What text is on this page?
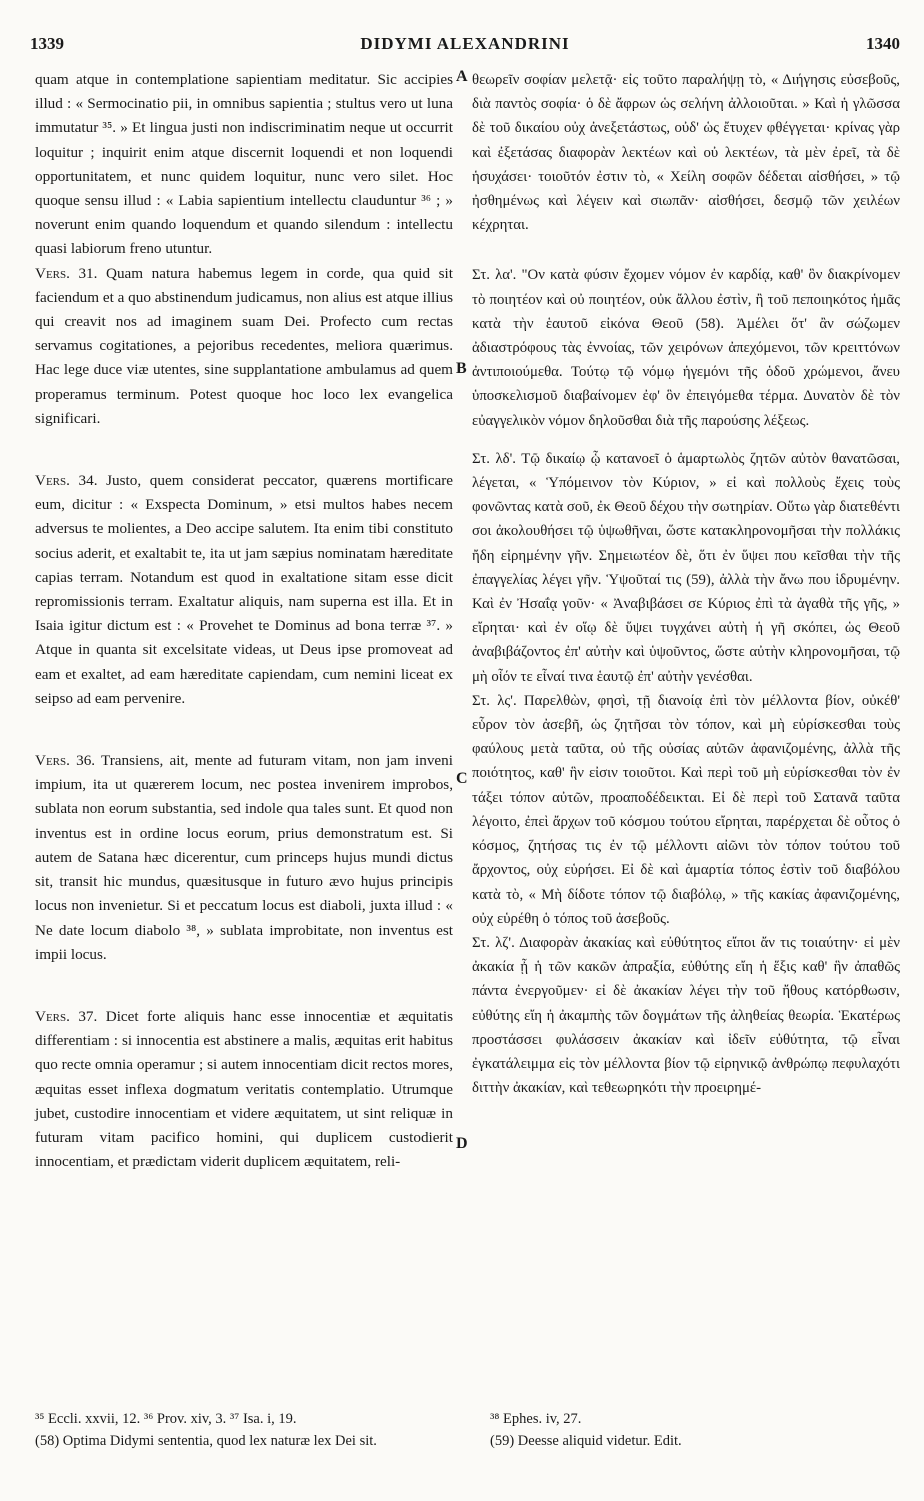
1339	DIDYMI ALEXANDRINI	1340
A
B
C
D

quam atque in contemplatione sapientiam meditatur. Sic accipies illud : « Sermocinatio pii, in omnibus sapientia ; stultus vero ut luna immutatur ³⁵. » Et lingua justi non indiscriminatim neque ut occurrit loquitur ; inquirit enim atque discernit loquendi et non loquendi opportunitatem, et nunc quidem loquitur, nunc vero silet. Hoc quoque sensu illud : « Labia sapientium intellectu clauduntur ³⁶ ; » noverunt enim quando loquendum et quando silendum : intellectu quasi labiorum freno utuntur.

Vers. 31. Quam natura habemus legem in corde, qua quid sit faciendum et a quo abstinendum judicamus, non alius est atque illius qui creavit nos ad imaginem suam Dei. Profecto cum rectas servamus cogitationes, a pejoribus recedentes, meliora quærimus. Hac lege duce viæ utentes, sine supplantatione ambulamus ad quem properamus terminum. Potest quoque hoc loco lex evangelica significari.

Vers. 34. Justo, quem considerat peccator, quærens mortificare eum, dicitur : « Exspecta Dominum, » etsi multos habes necem adversus te molientes, a Deo accipe salutem. Ita enim tibi constituto socius aderit, et exaltabit te, ita ut jam sæpius nominatam hæreditate capias terram. Notandum est quod in exaltatione sitam esse dicit repromissionis terram. Exaltatur aliquis, nam superna est illa. Et in Isaia igitur dictum est : « Provehet te Dominus ad bona terræ ³⁷. » Atque in quanta sit excelsitate videas, ut Deus ipse promoveat ad eam et exaltet, ad eam hæreditate capiendam, cum nemini liceat ex seipso ad eam pervenire.

Vers. 36. Transiens, ait, mente ad futuram vitam, non jam inveni impium, ita ut quærerem locum, nec postea invenirem improbos, sublata non eorum substantia, sed indole qua tales sunt. Et quod non inventus est in ordine locus eorum, prius demonstratum est. Si autem de Satana hæc dicerentur, cum princeps hujus mundi dictus sit, transit hic mundus, quæsitusque in futuro ævo hujus principis locus non invenietur. Si et peccatum locus est diaboli, juxta illud : « Ne date locum diabolo ³⁸, » sublata improbitate, non inventus est impii locus.

Vers. 37. Dicet forte aliquis hanc esse innocentiæ et æquitatis differentiam : si innocentia est abstinere a malis, æquitas erit habitus quo recte omnia operamur ; si autem innocentiam dicit rectos mores, æquitas esset inflexa dogmatum veritatis contemplatio. Utrumque jubet, custodire innocentiam et videre æquitatem, ut sint reliquæ in futuram vitam pacifico homini, qui duplicem custodierit innocentiam, et prædictam viderit duplicem æquitatem, reli-

θεωρεῖν σοφίαν μελετᾷ· εἰς τοῦτο παραλήψῃ τὸ, « Διήγησις εὐσεβοῦς, διὰ παντὸς σοφία· ὁ δὲ ἄφρων ὡς σελήνη ἀλλοιοῦται. » Καὶ ἡ γλῶσσα δὲ τοῦ δικαίου οὐχ ἀνεξετάστως, οὐδ' ὡς ἔτυχεν φθέγγεται· κρίνας γὰρ καὶ ἐξετάσας διαφορὰν λεκτέων καὶ οὐ λεκτέων, τὰ μὲν ἐρεῖ, τὰ δὲ ἡσυχάσει· τοιοῦτόν ἐστιν τὸ, « Χείλη σοφῶν δέδεται αἰσθήσει, » τῷ ἠσθημένως καὶ λέγειν καὶ σιωπᾶν· αἰσθήσει, δεσμῷ τῶν χειλέων κέχρηται.

Στ. λα'. "Ον κατὰ φύσιν ἔχομεν νόμον ἐν καρδίᾳ, καθ' ὃν διακρίνομεν τὸ ποιητέον καὶ οὐ ποιητέον, οὐκ ἄλλου ἐστὶν, ἢ τοῦ πεποιηκότος ἡμᾶς κατὰ τὴν ἑαυτοῦ εἰκόνα Θεοῦ (58). Ἀμέλει ὅτ' ἂν σώζωμεν ἀδιαστρόφους τὰς ἐννοίας, τῶν χειρόνων ἀπεχόμενοι, τῶν κρειττόνων ἀντιποιούμεθα. Τούτῳ τῷ νόμῳ ἡγεμόνι τῆς ὁδοῦ χρώμενοι, ἄνευ ὑποσκελισμοῦ διαβαίνομεν ἐφ' ὃν ἐπειγόμεθα τέρμα. Δυνατὸν δὲ τὸν εὐαγγελικὸν νόμον δηλοῦσθαι διὰ τῆς παρούσης λέξεως.

Στ. λδ'. Τῷ δικαίῳ ᾧ κατανοεῖ ὁ ἁμαρτωλὸς ζητῶν αὐτὸν θανατῶσαι, λέγεται, « Ὑπόμεινον τὸν Κύριον, » εἰ καὶ πολλοὺς ἔχεις τοὺς φονῶντας κατὰ σοῦ, ἐκ Θεοῦ δέχου τὴν σωτηρίαν. Οὕτω γὰρ διατεθέντι σοι ἀκολουθήσει τῷ ὑψωθῆναι, ὥστε κατακληρονομῆσαι τὴν πολλάκις ἤδη εἰρημένην γῆν. Σημειωτέον δὲ, ὅτι ἐν ὕψει που κεῖσθαι τὴν τῆς ἐπαγγελίας λέγει γῆν. Ὑψοῦταί τις (59), ἀλλὰ τὴν ἄνω που ἱδρυμένην. Καὶ ἐν Ἠσαΐᾳ γοῦν· « Ἀναβιβάσει σε Κύριος ἐπὶ τὰ ἀγαθὰ τῆς γῆς, » εἴρηται· καὶ ἐν οἵῳ δὲ ὕψει τυγχάνει αὐτὴ ἡ γῆ σκόπει, ὡς Θεοῦ ἀναβιβάζοντος ἐπ' αὐτὴν καὶ ὑψοῦντος, ὥστε αὐτὴν κληρονομῆσαι, τῷ μὴ οἷόν τε εἶναί τινα ἑαυτῷ ἐπ' αὐτὴν γενέσθαι.

Στ. λς'. Παρελθὼν, φησὶ, τῇ διανοίᾳ ἐπὶ τὸν μέλλοντα βίον, οὐκέθ' εὗρον τὸν ἀσεβῆ, ὡς ζητῆσαι τὸν τόπον, καὶ μὴ εὑρίσκεσθαι τοὺς φαύλους μετὰ ταῦτα, οὐ τῆς οὐσίας αὐτῶν ἀφανιζομένης, ἀλλὰ τῆς ποιότητος, καθ' ἣν εἰσιν τοιοῦτοι. Καὶ περὶ τοῦ μὴ εὑρίσκεσθαι τὸν ἐν τάξει τόπον αὐτῶν, προαποδέδεικται. Εἰ δὲ περὶ τοῦ Σατανᾶ ταῦτα λέγοιτο, ἐπεὶ ἄρχων τοῦ κόσμου τούτου εἴρηται, παρέρχεται δὲ οὗτος ὁ κόσμος, ζητήσας τις ἐν τῷ μέλλοντι αἰῶνι τὸν τόπον τούτου τοῦ ἄρχοντος, οὐχ εὑρήσει. Εἰ δὲ καὶ ἁμαρτία τόπος ἐστὶν τοῦ διαβόλου κατὰ τὸ, « Μὴ δίδοτε τόπον τῷ διαβόλῳ, » τῆς κακίας ἀφανιζομένης, οὐχ εὑρέθη ὁ τόπος τοῦ ἀσεβοῦς.

Στ. λζ'. Διαφορὰν ἀκακίας καὶ εὐθύτητος εἴποι ἄν τις τοιαύτην· εἰ μὲν ἀκακία ᾖ ἡ τῶν κακῶν ἀπραξία, εὐθύτης εἴη ἡ ἕξις καθ' ἣν ἀπαθῶς πάντα ἐνεργοῦμεν· εἰ δὲ ἀκακίαν λέγει τὴν τοῦ ἤθους κατόρθωσιν, εὐθύτης εἴη ἡ ἀκαμπὴς τῶν δογμάτων τῆς ἀληθείας θεωρία. Ἑκατέρως προστάσσει φυλάσσειν ἀκακίαν καὶ ἰδεῖν εὐθύτητα, τῷ εἶναι ἐγκατάλειμμα εἰς τὸν μέλλοντα βίον τῷ εἰρηνικῷ ἀνθρώπῳ πεφυλαχότι διττὴν ἀκακίαν, καὶ τεθεωρηκότι τὴν προειρημέ-

³⁵ Eccli. xxvii, 12. ³⁶ Prov. xiv, 3. ³⁷ Isa. i, 19.
(58) Optima Didymi sententia, quod lex naturæ lex Dei sit.
³⁸ Ephes. iv, 27.
(59) Deesse aliquid videtur. Edit.
